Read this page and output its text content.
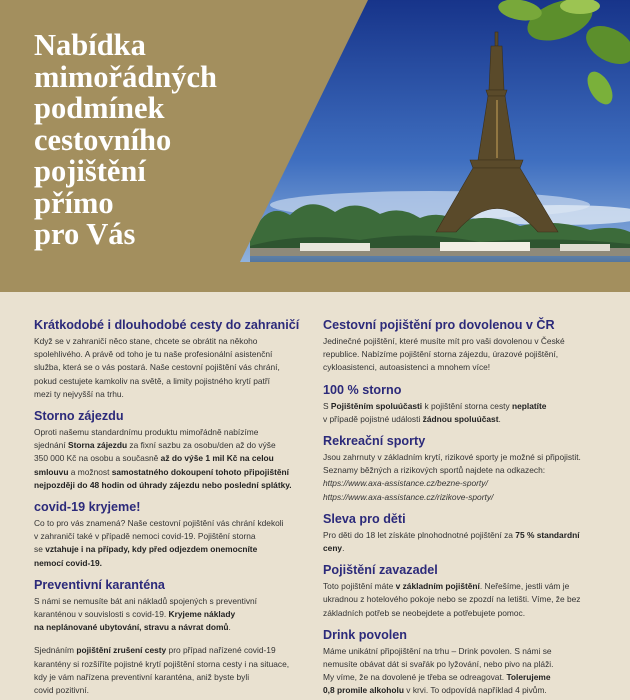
Nabídka
mimořádných
podmínek
cestovního
pojištění
přímo
pro Vás
Krátkodobé i dlouhodobé cesty do zahraničí

Když se v zahraničí něco stane, chcete se obrátit na někoho
spolehlivého. A právě od toho je tu naše profesionální asistenční
služba, která se o vás postará. Naše cestovní pojištění vás chrání,
pokud cestujete kamkoliv na světě, a limity pojistného krytí patří
mezi ty nejvyšší na trhu.

Storno zájezdu

Oproti našemu standardnímu produktu mimořádně nabízíme
sjednání Storna zájezdu za fixní sazbu za osobu/den až do výše
350 000 Kč na osobu a současně až do výše 1 mil Kč na celou
smlouvu a možnost samostatného dokoupení tohoto připojištění
nejpozději do 48 hodin od úhrady zájezdu nebo poslední splátky.

covid-19 kryjeme!

Co to pro vás znamená? Naše cestovní pojištění vás chrání kdekoli
v zahraničí také v případě nemoci covid-19. Pojištění storna
se vztahuje i na případy, kdy před odjezdem onemocníte
nemocí covid-19.

Preventivní karanténa

S námi se nemusíte bát ani nákladů spojených s preventivní
karanténou v souvislosti s covid-19. Kryjeme náklady
na neplánované ubytování, stravu a návrat domů.

Sjednáním pojištění zrušení cesty pro případ nařízené covid-19
karantény si rozšíříte pojistné krytí pojištění storna cesty i na situace,
kdy je vám nařízena preventivní karanténa, aniž byste byli
covid pozitivní.

Cestovní pojištění pro dovolenou v ČR

Jedinečné pojištění, které musíte mít pro vaši dovolenou v České
republice. Nabízíme pojištění storna zájezdu, úrazové pojištění,
cykloasistenci, autoasistenci a mnohem více!

100 % storno

S Pojištěním spoluúčasti k pojištění storna cesty neplatíte
v případě pojistné události žádnou spoluúčast.

Rekreační sporty

Jsou zahrnuty v základním krytí, rizikové sporty je možné si připojistit.
Seznamy běžných a rizikových sportů najdete na odkazech:
https://www.axa-assistance.cz/bezne-sporty/
https://www.axa-assistance.cz/rizikove-sporty/

Sleva pro děti

Pro děti do 18 let získáte plnohodnotné pojištění za 75 % standardní
ceny.

Pojištění zavazadel

Toto pojištění máte v základním pojištění. Neřešíme, jestli vám je
ukradnou z hotelového pokoje nebo se zpozdí na letišti. Víme, že bez
základních potřeb se neobejdete a potřebujete pomoc.

Drink povolen

Máme unikátní připojištění na trhu – Drink povolen. S námi se
nemusíte obávat dát si svařák po lyžování, nebo pivo na pláži.
My víme, že na dovolené je třeba se odreagovat. Tolerujeme
0,8 promile alkoholu v krvi. To odpovídá například 4 pivům.
